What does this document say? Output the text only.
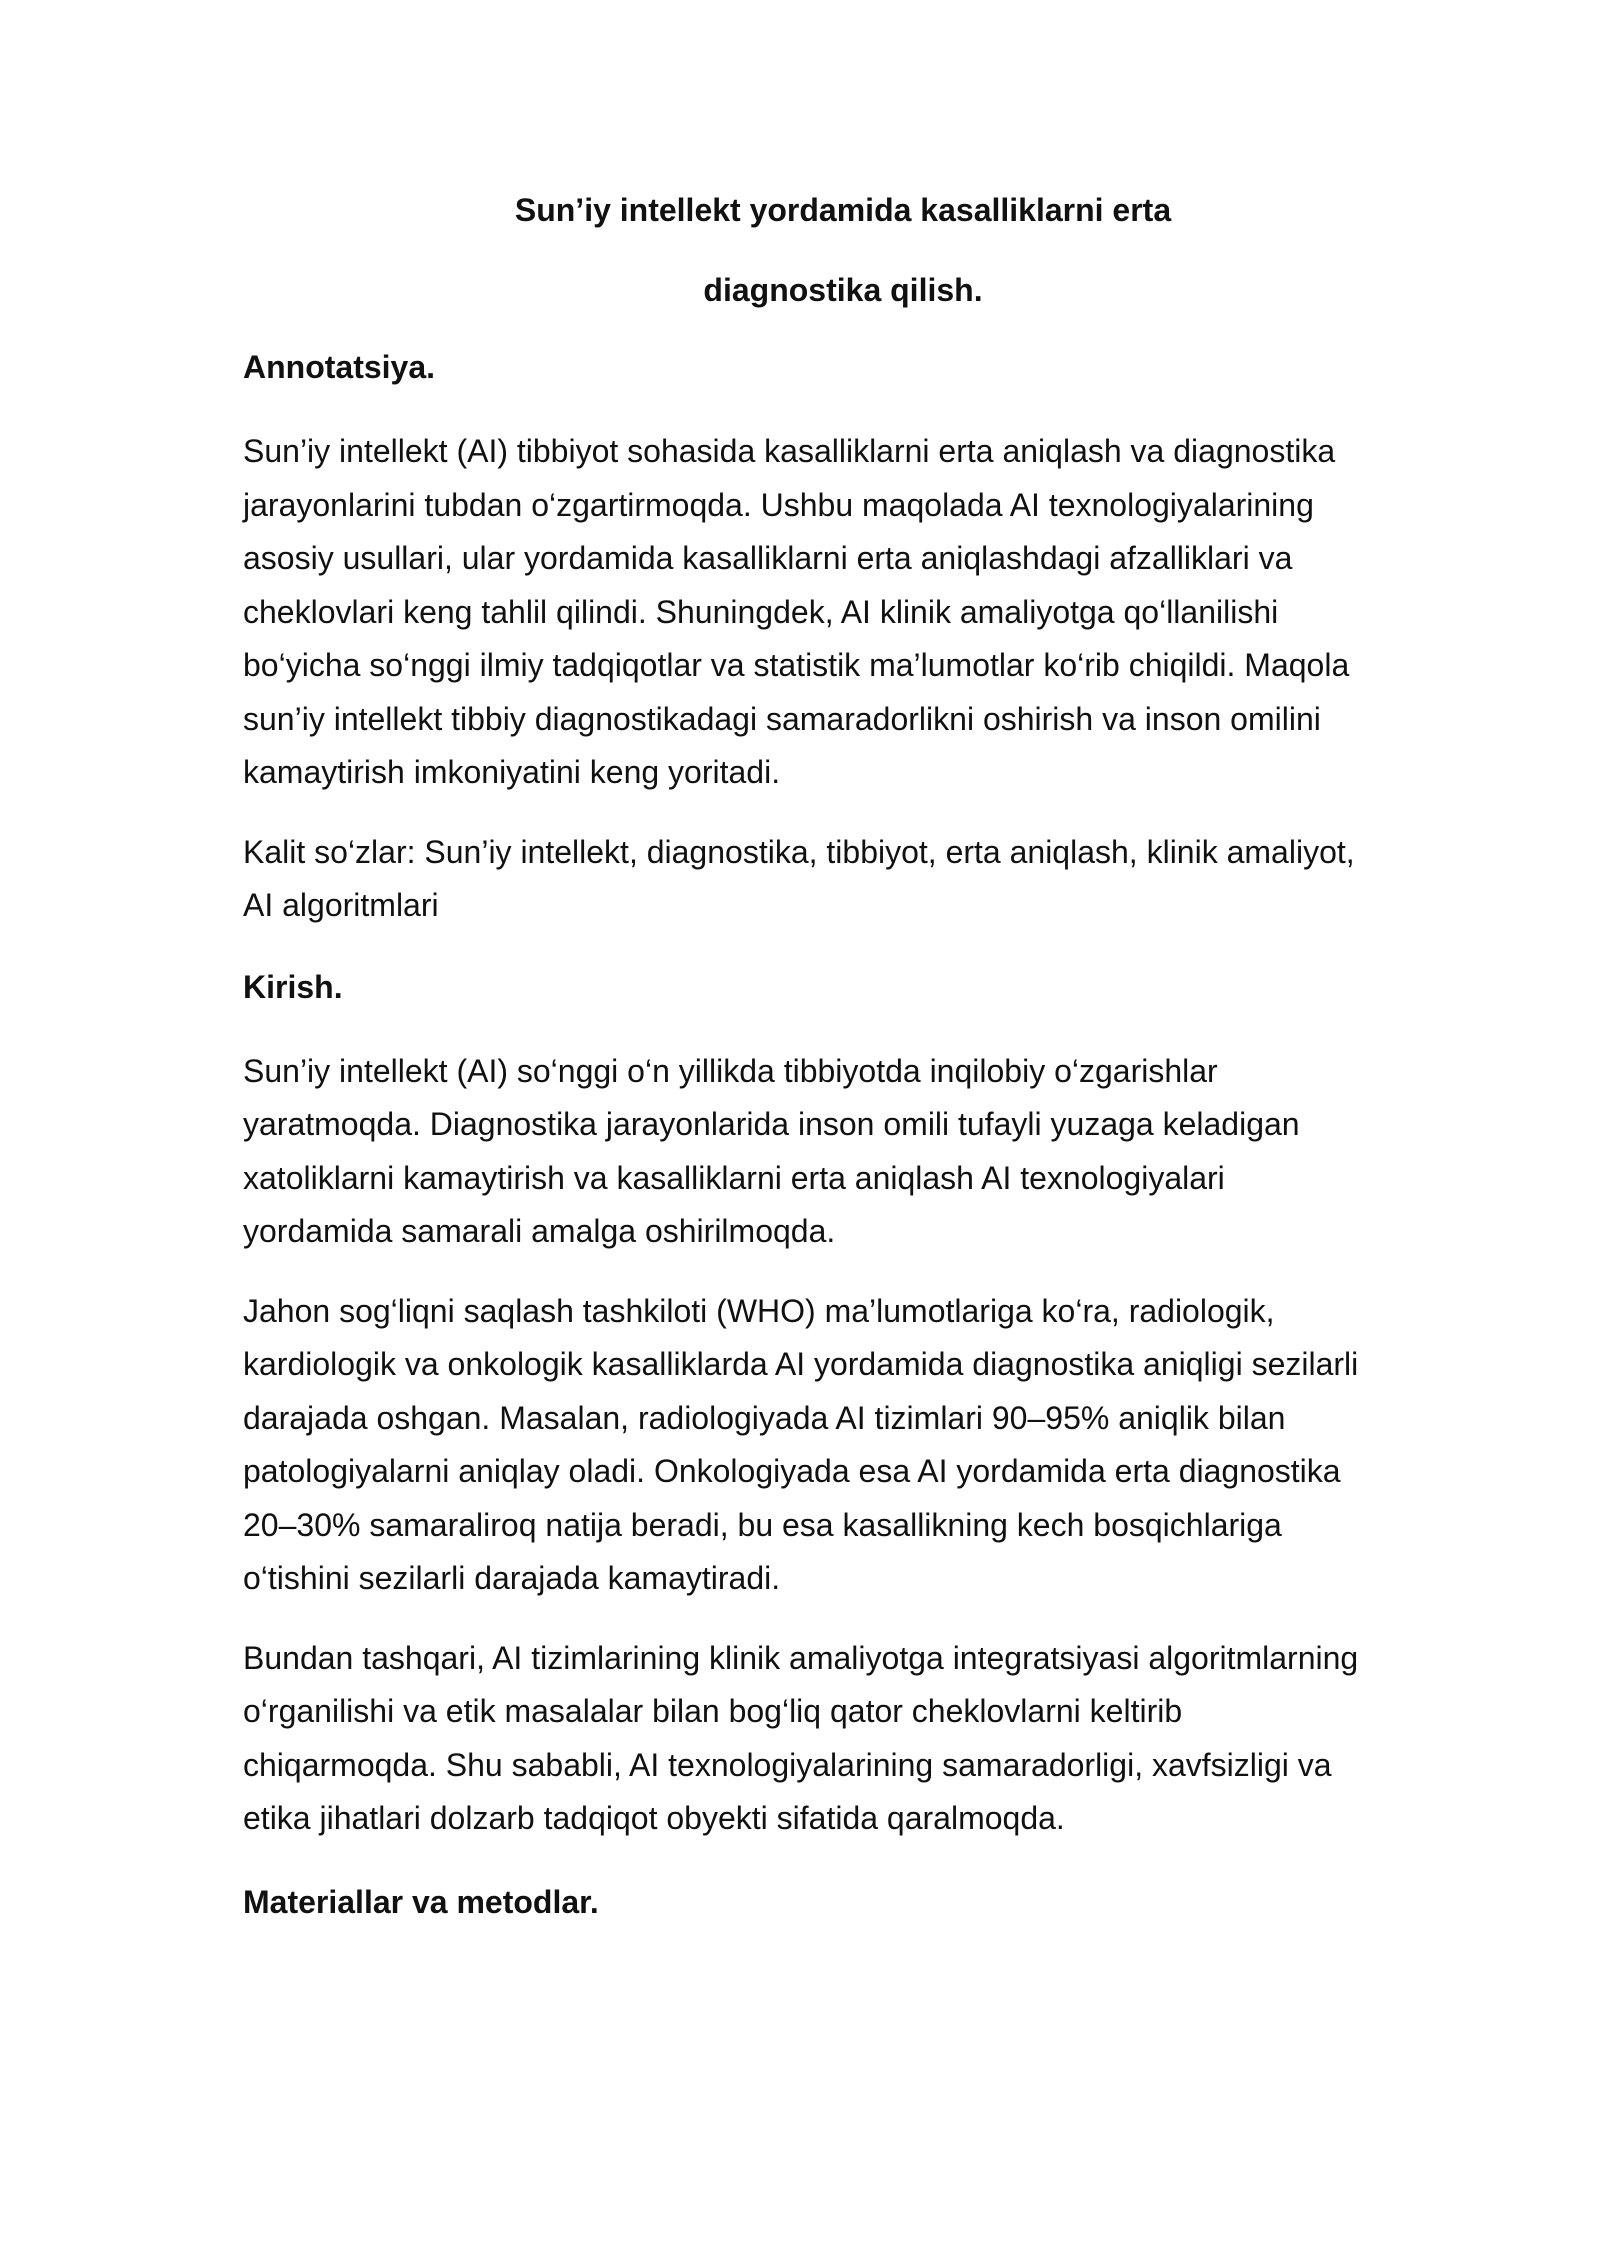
Sun’iy intellekt yordamida kasalliklarni erta

diagnostika qilish.

Annotatsiya.

Sun’iy intellekt (AI) tibbiyot sohasida kasalliklarni erta aniqlash va diagnostika jarayonlarini tubdan o‘zgartirmoqda. Ushbu maqolada AI texnologiyalarining asosiy usullari, ular yordamida kasalliklarni erta aniqlashdagi afzalliklari va cheklovlari keng tahlil qilindi. Shuningdek, AI klinik amaliyotga qo‘llanilishi bo‘yicha so‘nggi ilmiy tadqiqotlar va statistik ma’lumotlar ko‘rib chiqildi. Maqola sun’iy intellekt tibbiy diagnostikadagi samaradorlikni oshirish va inson omilini kamaytirish imkoniyatini keng yoritadi.

Kalit so‘zlar: Sun’iy intellekt, diagnostika, tibbiyot, erta aniqlash, klinik amaliyot, AI algoritmlari

Kirish.

Sun’iy intellekt (AI) so‘nggi o‘n yillikda tibbiyotda inqilobiy o‘zgarishlar yaratmoqda. Diagnostika jarayonlarida inson omili tufayli yuzaga keladigan xatoliklarni kamaytirish va kasalliklarni erta aniqlash AI texnologiyalari yordamida samarali amalga oshirilmoqda.

Jahon sog‘liqni saqlash tashkiloti (WHO) ma’lumotlariga ko‘ra, radiologik, kardiologik va onkologik kasalliklarda AI yordamida diagnostika aniqligi sezilarli darajada oshgan. Masalan, radiologiyada AI tizimlari 90–95% aniqlik bilan patologiyalarni aniqlay oladi. Onkologiyada esa AI yordamida erta diagnostika 20–30% samaraliroq natija beradi, bu esa kasallikning kech bosqichlariga o‘tishini sezilarli darajada kamaytiradi.

Bundan tashqari, AI tizimlarining klinik amaliyotga integratsiyasi algoritmlarning o‘rganilishi va etik masalalar bilan bog‘liq qator cheklovlarni keltirib chiqarmoqda. Shu sababli, AI texnologiyalarining samaradorligi, xavfsizligi va etika jihatlari dolzarb tadqiqot obyekti sifatida qaralmoqda.

Materiallar va metodlar.
